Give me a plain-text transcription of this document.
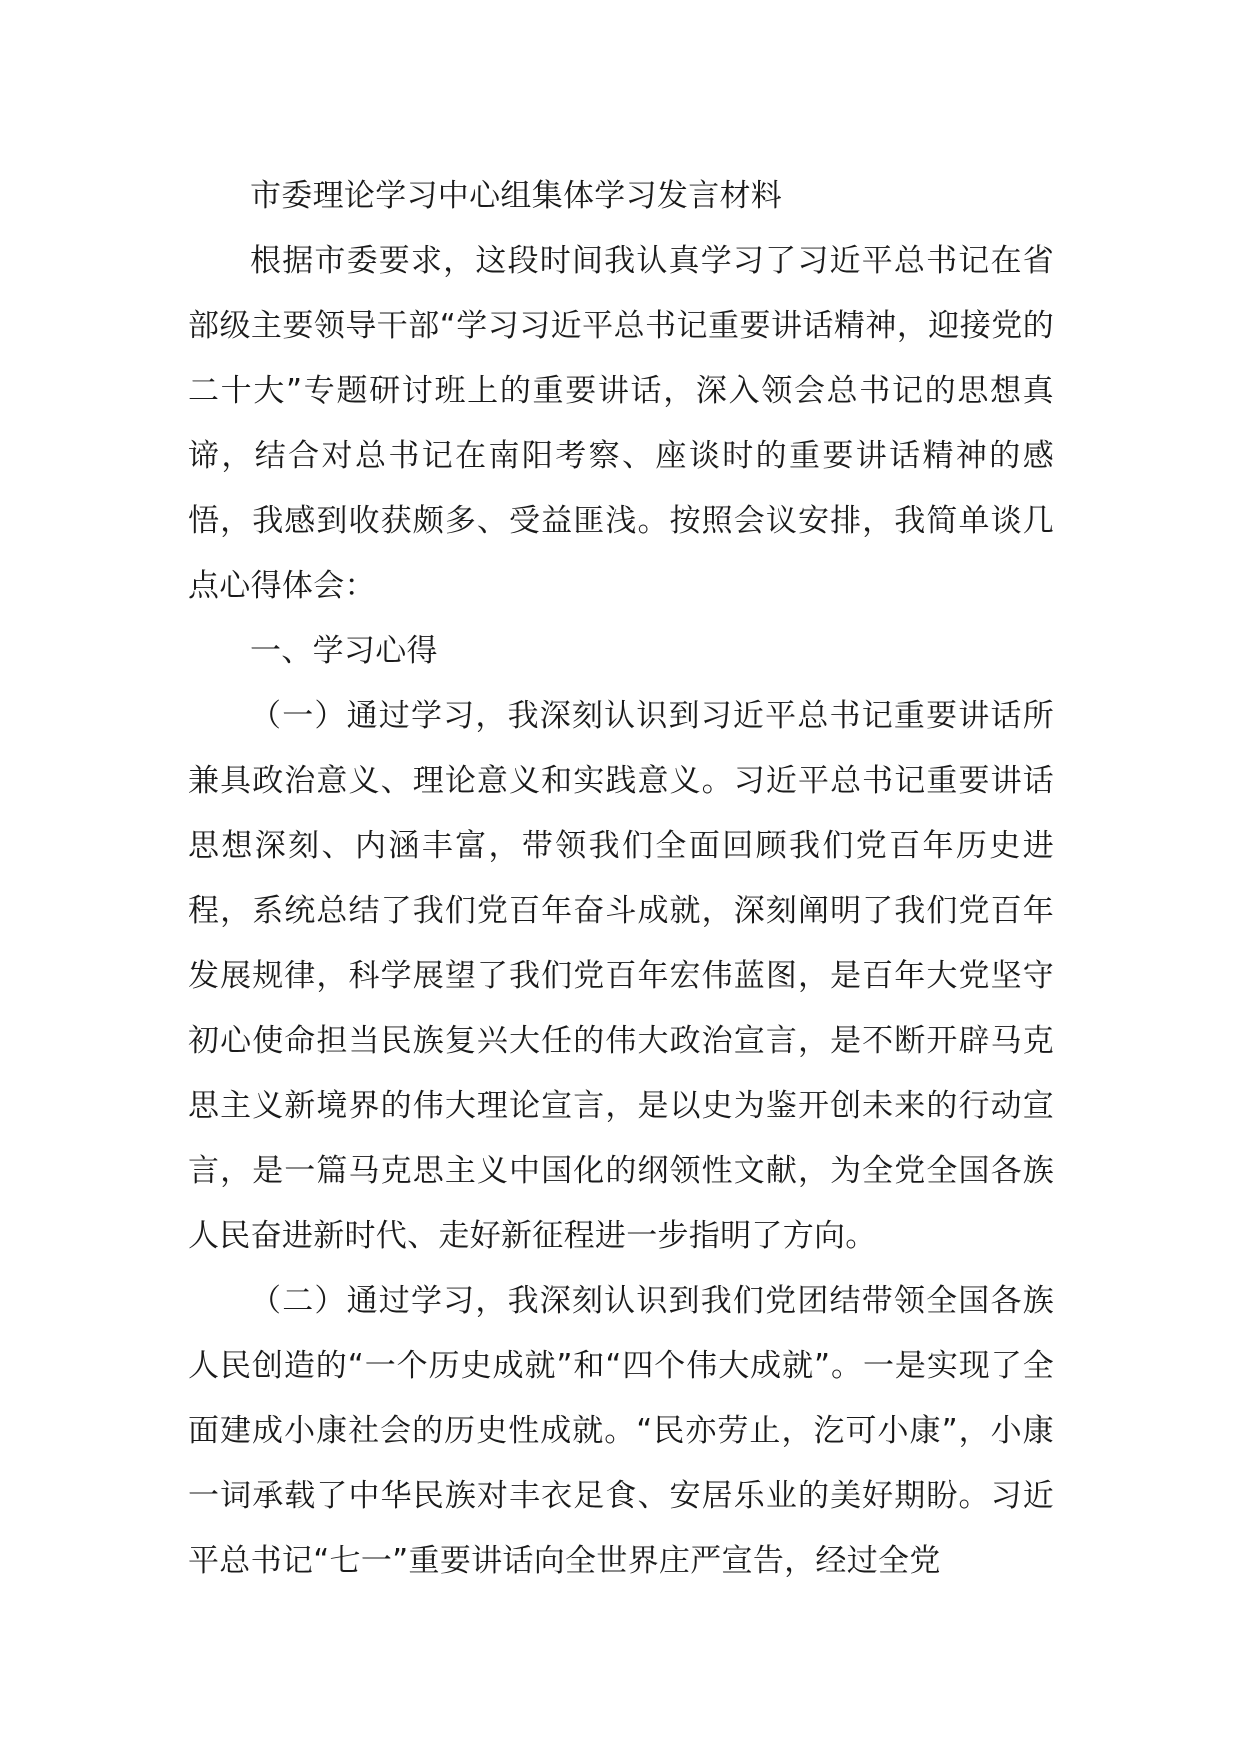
市委理论学习中心组集体学习发言材料

根据市委要求，这段时间我认真学习了习近平总书记在省部级主要领导干部“学习习近平总书记重要讲话精神，迎接党的二十大”专题研讨班上的重要讲话，深入领会总书记的思想真谛，结合对总书记在南阳考察、座谈时的重要讲话精神的感悟，我感到收获颇多、受益匪浅。按照会议安排，我简单谈几点心得体会：

一、学习心得

（一）通过学习，我深刻认识到习近平总书记重要讲话所兼具政治意义、理论意义和实践意义。习近平总书记重要讲话思想深刻、内涵丰富，带领我们全面回顾我们党百年历史进程，系统总结了我们党百年奋斗成就，深刻阐明了我们党百年发展规律，科学展望了我们党百年宏伟蓝图，是百年大党坚守初心使命担当民族复兴大任的伟大政治宣言，是不断开辟马克思主义新境界的伟大理论宣言，是以史为鉴开创未来的行动宣言，是一篇马克思主义中国化的纲领性文献，为全党全国各族人民奋进新时代、走好新征程进一步指明了方向。

（二）通过学习，我深刻认识到我们党团结带领全国各族人民创造的“一个历史成就”和“四个伟大成就”。一是实现了全面建成小康社会的历史性成就。“民亦劳止，汔可小康”，小康一词承载了中华民族对丰衣足食、安居乐业的美好期盼。习近平总书记“七一”重要讲话向全世界庄严宣告，经过全党
